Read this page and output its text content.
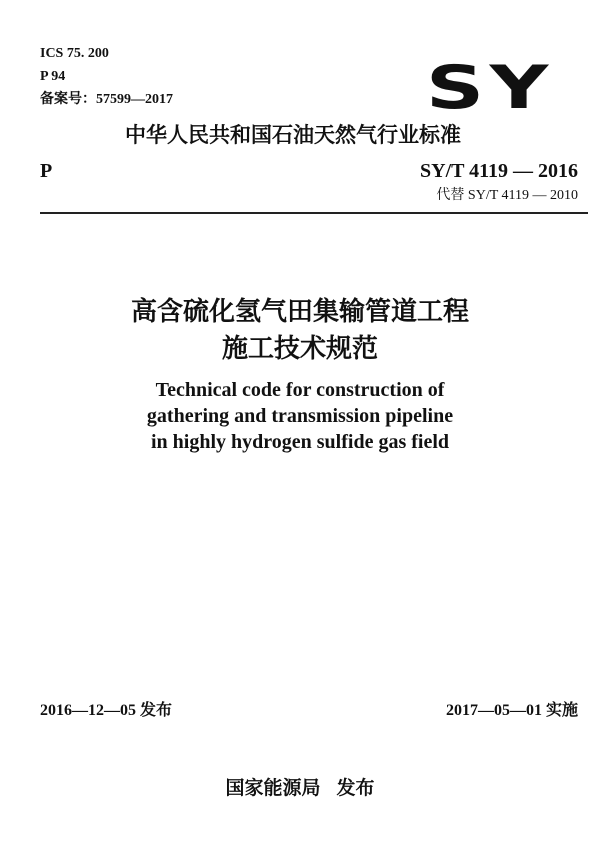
ICS 75. 200
P 94
备案号：57599—2017	SY
中华人民共和国石油天然气行业标准
P	SY/T 4119 — 2016
代替 SY/T 4119 — 2010
高含硫化氢气田集输管道工程
施工技术规范
Technical code for construction of
gathering and transmission pipeline
in highly hydrogen sulfide gas field
2016—12—05 发布	2017—05—01 实施
国家能源局 发布
